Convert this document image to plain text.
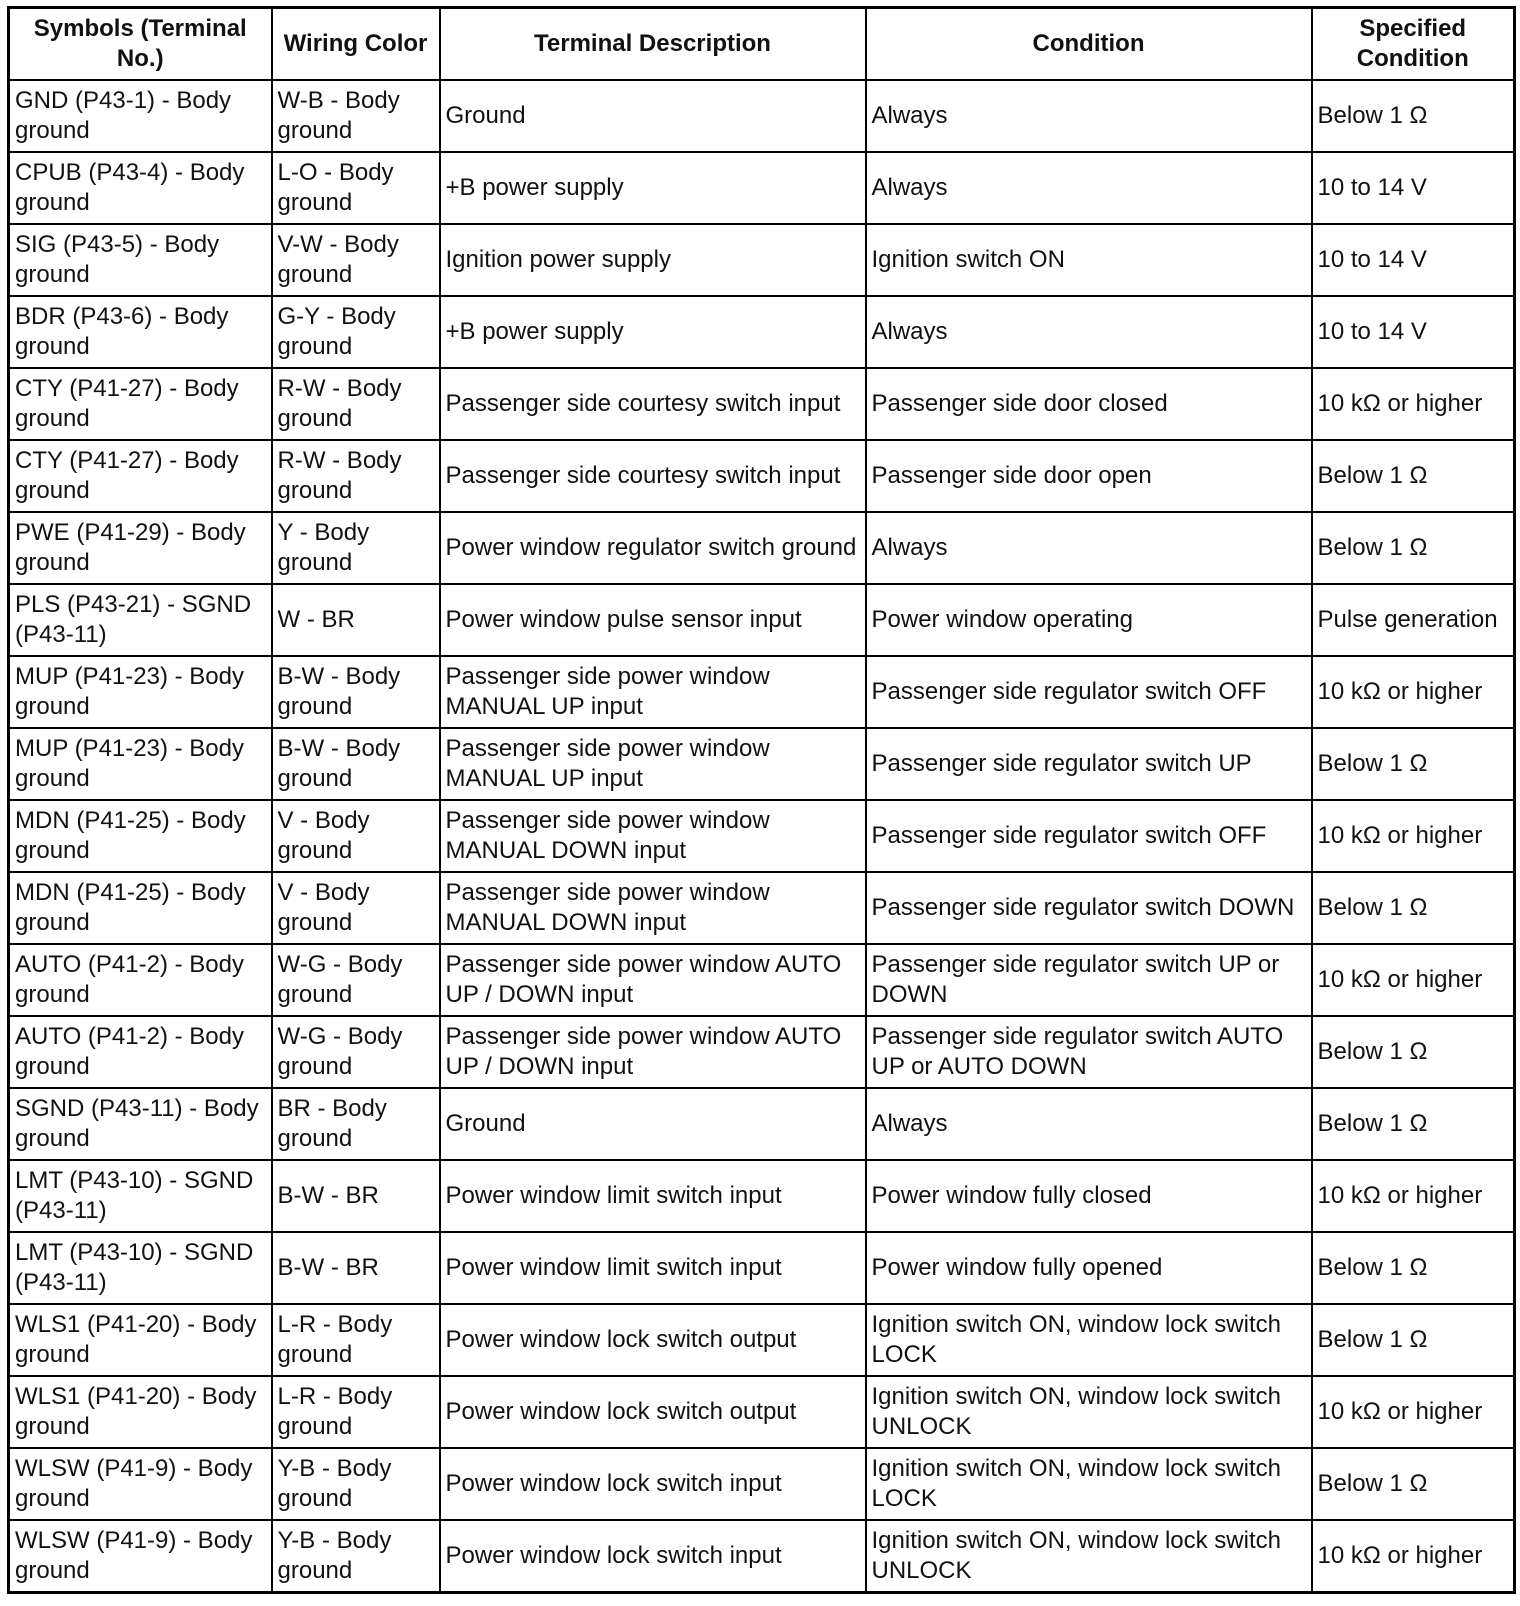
Symbols (Terminal No.)	Wiring Color	Terminal Description	Condition	Specified Condition
GND (P43-1) - Body ground	W-B - Body ground	Ground	Always	Below 1 Ω
CPUB (P43-4) - Body ground	L-O - Body ground	+B power supply	Always	10 to 14 V
SIG (P43-5) - Body ground	V-W - Body ground	Ignition power supply	Ignition switch ON	10 to 14 V
BDR (P43-6) - Body ground	G-Y - Body ground	+B power supply	Always	10 to 14 V
CTY (P41-27) - Body ground	R-W - Body ground	Passenger side courtesy switch input	Passenger side door closed	10 kΩ or higher
CTY (P41-27) - Body ground	R-W - Body ground	Passenger side courtesy switch input	Passenger side door open	Below 1 Ω
PWE (P41-29) - Body ground	Y - Body ground	Power window regulator switch ground	Always	Below 1 Ω
PLS (P43-21) - SGND (P43-11)	W - BR	Power window pulse sensor input	Power window operating	Pulse generation
MUP (P41-23) - Body ground	B-W - Body ground	Passenger side power window MANUAL UP input	Passenger side regulator switch OFF	10 kΩ or higher
MUP (P41-23) - Body ground	B-W - Body ground	Passenger side power window MANUAL UP input	Passenger side regulator switch UP	Below 1 Ω
MDN (P41-25) - Body ground	V - Body ground	Passenger side power window MANUAL DOWN input	Passenger side regulator switch OFF	10 kΩ or higher
MDN (P41-25) - Body ground	V - Body ground	Passenger side power window MANUAL DOWN input	Passenger side regulator switch DOWN	Below 1 Ω
AUTO (P41-2) - Body ground	W-G - Body ground	Passenger side power window AUTO UP / DOWN input	Passenger side regulator switch UP or DOWN	10 kΩ or higher
AUTO (P41-2) - Body ground	W-G - Body ground	Passenger side power window AUTO UP / DOWN input	Passenger side regulator switch AUTO UP or AUTO DOWN	Below 1 Ω
SGND (P43-11) - Body ground	BR - Body ground	Ground	Always	Below 1 Ω
LMT (P43-10) - SGND (P43-11)	B-W - BR	Power window limit switch input	Power window fully closed	10 kΩ or higher
LMT (P43-10) - SGND (P43-11)	B-W - BR	Power window limit switch input	Power window fully opened	Below 1 Ω
WLS1 (P41-20) - Body ground	L-R - Body ground	Power window lock switch output	Ignition switch ON, window lock switch LOCK	Below 1 Ω
WLS1 (P41-20) - Body ground	L-R - Body ground	Power window lock switch output	Ignition switch ON, window lock switch UNLOCK	10 kΩ or higher
WLSW (P41-9) - Body ground	Y-B - Body ground	Power window lock switch input	Ignition switch ON, window lock switch LOCK	Below 1 Ω
WLSW (P41-9) - Body ground	Y-B - Body ground	Power window lock switch input	Ignition switch ON, window lock switch UNLOCK	10 kΩ or higher
